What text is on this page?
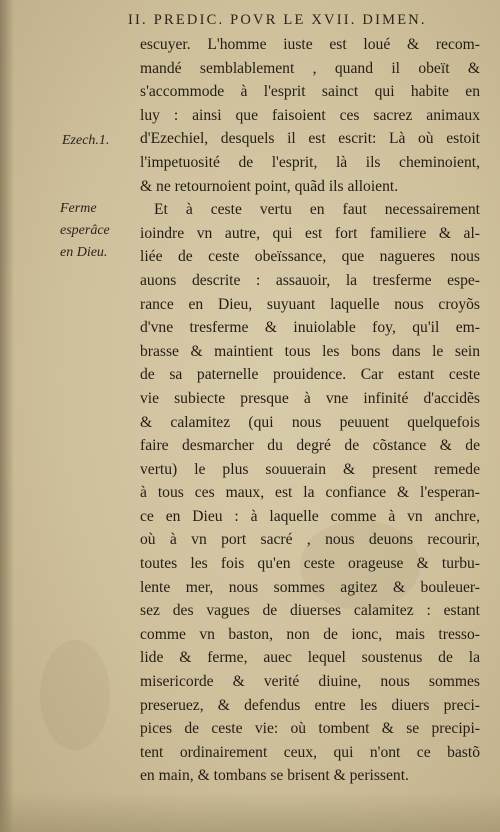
II. PREDIC. POVR LE XVII. DIMEN.
Ezech.1.
Ferme
esperâce
en Dieu.
escuyer. L'homme iuste est loué & recom-
mandé semblablement , quand il obeït &
s'accommode à l'esprit sainct qui habite en
luy : ainsi que faisoient ces sacrez animaux
d'Ezechiel, desquels il est escrit: Là où estoit
l'impetuosité de l'esprit, là ils cheminoient,
& ne retournoient point, quãd ils alloient.
Et à ceste vertu en faut necessairement
ioindre vn autre, qui est fort familiere & al-
liée de ceste obeïssance, que nagueres nous
auons descrite : assauoir, la tresferme espe-
rance en Dieu, suyuant laquelle nous croyõs
d'vne tresferme & inuiolable foy, qu'il em-
brasse & maintient tous les bons dans le sein
de sa paternelle prouidence. Car estant ceste
vie subiecte presque à vne infinité d'accidẽs
& calamitez (qui nous peuuent quelquefois
faire desmarcher du degré de cõstance & de
vertu) le plus souuerain & present remede
à tous ces maux, est la confiance & l'esperan-
ce en Dieu : à laquelle comme à vn anchre,
où à vn port sacré , nous deuons recourir,
toutes les fois qu'en ceste orageuse & turbu-
lente mer, nous sommes agitez & bouleuer-
sez des vagues de diuerses calamitez : estant
comme vn baston, non de ionc, mais tresso-
lide & ferme, auec lequel soustenus de la
misericorde & verité diuine, nous sommes
preseruez, & defendus entre les diuers preci-
pices de ceste vie: où tombent & se precipi-
tent ordinairement ceux, qui n'ont ce bastõ
en main, & tombans se brisent & perissent.
